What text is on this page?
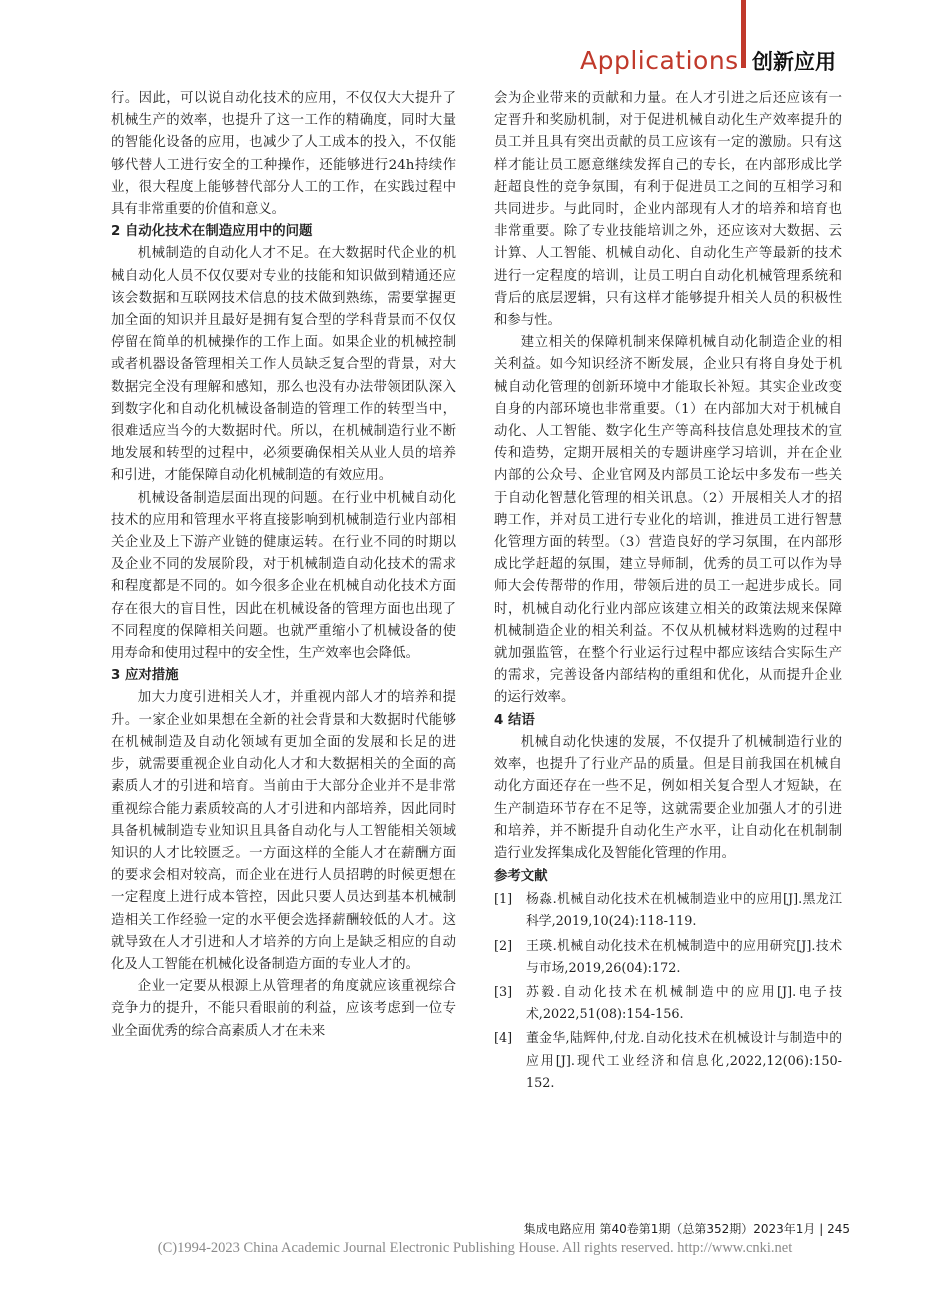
Applications 创新应用

行。因此，可以说自动化技术的应用，不仅仅大大提升了机械生产的效率，也提升了这一工作的精确度，同时大量的智能化设备的应用，也减少了人工成本的投入，不仅能够代替人工进行安全的工种操作，还能够进行24h持续作业，很大程度上能够替代部分人工的工作，在实践过程中具有非常重要的价值和意义。

2 自动化技术在制造应用中的问题

机械制造的自动化人才不足。在大数据时代企业的机械自动化人员不仅仅要对专业的技能和知识做到精通还应该会数据和互联网技术信息的技术做到熟练，需要掌握更加全面的知识并且最好是拥有复合型的学科背景而不仅仅停留在简单的机械操作的工作上面。如果企业的机械控制或者机器设备管理相关工作人员缺乏复合型的背景，对大数据完全没有理解和感知，那么也没有办法带领团队深入到数字化和自动化机械设备制造的管理工作的转型当中，很难适应当今的大数据时代。所以，在机械制造行业不断地发展和转型的过程中，必须要确保相关从业人员的培养和引进，才能保障自动化机械制造的有效应用。

机械设备制造层面出现的问题。在行业中机械自动化技术的应用和管理水平将直接影响到机械制造行业内部相关企业及上下游产业链的健康运转。在行业不同的时期以及企业不同的发展阶段，对于机械制造自动化技术的需求和程度都是不同的。如今很多企业在机械自动化技术方面存在很大的盲目性，因此在机械设备的管理方面也出现了不同程度的保障相关问题。也就严重缩小了机械设备的使用寿命和使用过程中的安全性，生产效率也会降低。

3 应对措施

加大力度引进相关人才，并重视内部人才的培养和提升。一家企业如果想在全新的社会背景和大数据时代能够在机械制造及自动化领域有更加全面的发展和长足的进步，就需要重视企业自动化人才和大数据相关的全面的高素质人才的引进和培育。当前由于大部分企业并不是非常重视综合能力素质较高的人才引进和内部培养，因此同时具备机械制造专业知识且具备自动化与人工智能相关领域知识的人才比较匮乏。一方面这样的全能人才在薪酬方面的要求会相对较高，而企业在进行人员招聘的时候更想在一定程度上进行成本管控，因此只要人员达到基本机械制造相关工作经验一定的水平便会选择薪酬较低的人才。这就导致在人才引进和人才培养的方向上是缺乏相应的自动化及人工智能在机械化设备制造方面的专业人才的。

企业一定要从根源上从管理者的角度就应该重视综合竞争力的提升，不能只看眼前的利益，应该考虑到一位专业全面优秀的综合高素质人才在未来

会为企业带来的贡献和力量。在人才引进之后还应该有一定晋升和奖励机制，对于促进机械自动化生产效率提升的员工并且具有突出贡献的员工应该有一定的激励。只有这样才能让员工愿意继续发挥自己的专长，在内部形成比学赶超良性的竞争氛围，有利于促进员工之间的互相学习和共同进步。与此同时，企业内部现有人才的培养和培育也非常重要。除了专业技能培训之外，还应该对大数据、云计算、人工智能、机械自动化、自动化生产等最新的技术进行一定程度的培训，让员工明白自动化机械管理系统和背后的底层逻辑，只有这样才能够提升相关人员的积极性和参与性。

建立相关的保障机制来保障机械自动化制造企业的相关利益。如今知识经济不断发展，企业只有将自身处于机械自动化管理的创新环境中才能取长补短。其实企业改变自身的内部环境也非常重要。（1）在内部加大对于机械自动化、人工智能、数字化生产等高科技信息处理技术的宣传和造势，定期开展相关的专题讲座学习培训，并在企业内部的公众号、企业官网及内部员工论坛中多发布一些关于自动化智慧化管理的相关讯息。（2）开展相关人才的招聘工作，并对员工进行专业化的培训，推进员工进行智慧化管理方面的转型。（3）营造良好的学习氛围，在内部形成比学赶超的氛围，建立导师制，优秀的员工可以作为导师大会传帮带的作用，带领后进的员工一起进步成长。同时，机械自动化行业内部应该建立相关的政策法规来保障机械制造企业的相关利益。不仅从机械材料选购的过程中就加强监管，在整个行业运行过程中都应该结合实际生产的需求，完善设备内部结构的重组和优化，从而提升企业的运行效率。

4 结语

机械自动化快速的发展，不仅提升了机械制造行业的效率，也提升了行业产品的质量。但是目前我国在机械自动化方面还存在一些不足，例如相关复合型人才短缺，在生产制造环节存在不足等，这就需要企业加强人才的引进和培养，并不断提升自动化生产水平，让自动化在机制制造行业发挥集成化及智能化管理的作用。

参考文献
[1]	杨淼.机械自动化技术在机械制造业中的应用[J].黑龙江科学,2019,10(24):118-119.
[2]	王瑛.机械自动化技术在机械制造中的应用研究[J].技术与市场,2019,26(04):172.
[3]	苏毅.自动化技术在机械制造中的应用[J].电子技术,2022,51(08):154-156.
[4]	董金华,陆辉仲,付龙.自动化技术在机械设计与制造中的应用[J].现代工业经济和信息化,2022,12(06):150-152.
集成电路应用 第40卷第1期（总第352期）2023年1月 | 245
(C)1994-2023 China Academic Journal Electronic Publishing House. All rights reserved. http://www.cnki.net
